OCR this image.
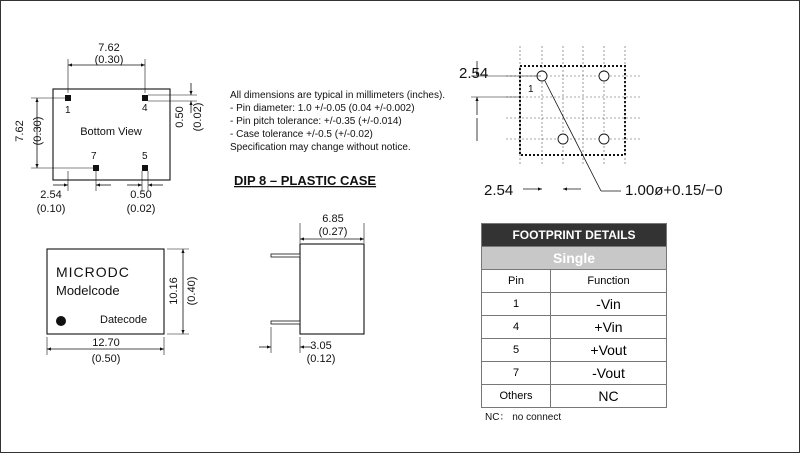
1	4
7	5
Bottom View
7.62
(0.30)
7.62 (0.30)	0.50 (0.02)
2.54
(0.10)
0.50
(0.02)
All dimensions are typical in millimeters (inches).
- Pin diameter: 1.0 +/-0.05 (0.04 +/-0.002)
- Pin pitch tolerance: +/-0.35 (+/-0.014)
- Case tolerance +/-0.5 (+/-0.02)
Specification may change without notice.
DIP 8 – PLASTIC CASE
1
2.54
2.54	1.00ø+0.15/−0
MICRODC
Modelcode
Datecode
12.70
(0.50)
10.16 (0.40)
6.85
(0.27)
3.05
(0.12)
FOOTPRINT DETAILS	
Single	
Pin	Function
1	-Vin
4	+Vin
5	+Vout
7	-Vout
Others	NC
NC： no connect
